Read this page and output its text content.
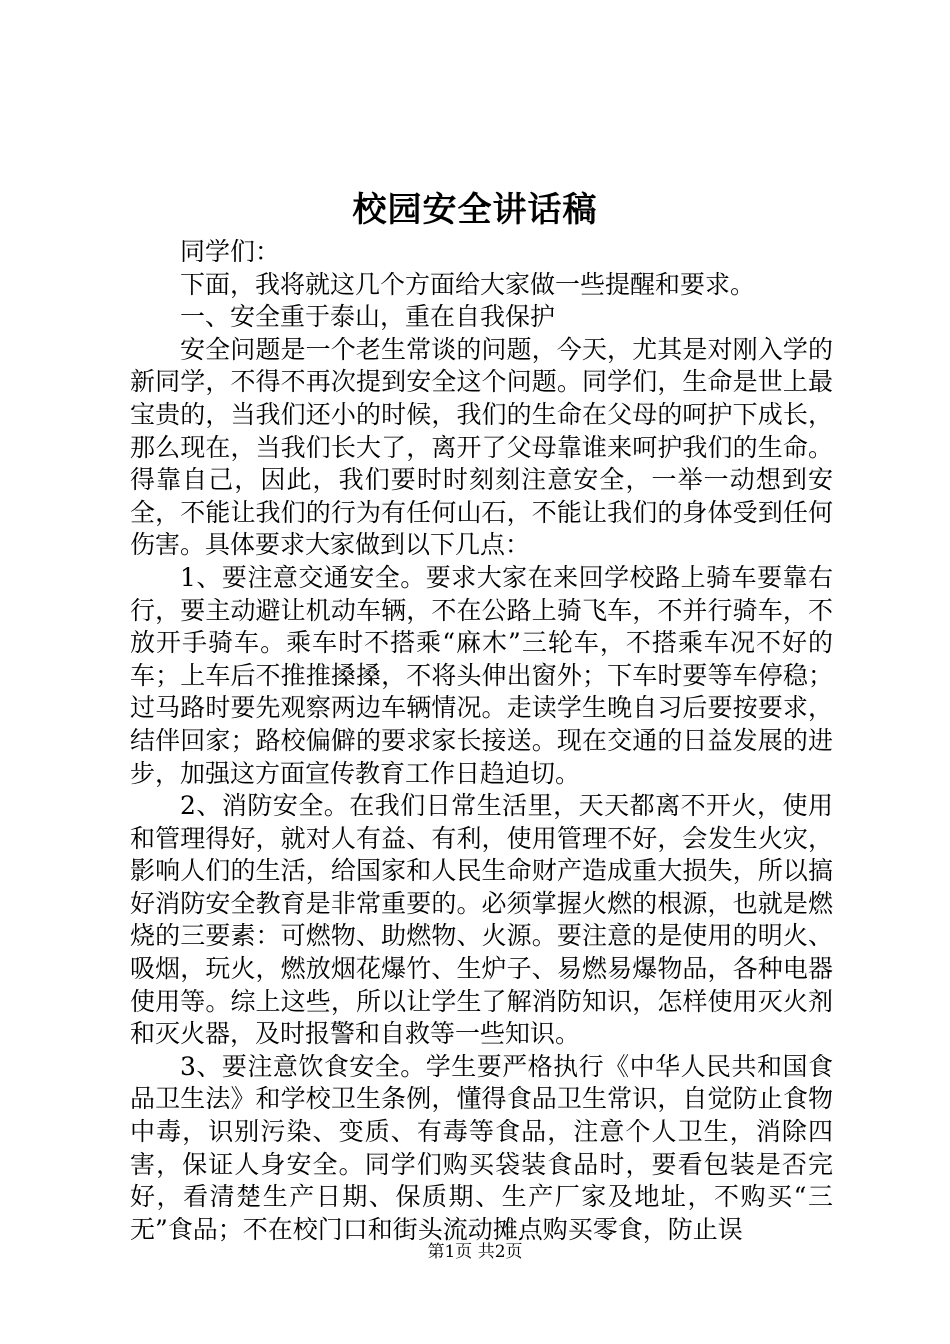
校园安全讲话稿

同学们：

下面，我将就这几个方面给大家做一些提醒和要求。

一、安全重于泰山，重在自我保护

安全问题是一个老生常谈的问题，今天，尤其是对刚入学的新同学，不得不再次提到安全这个问题。同学们，生命是世上最宝贵的，当我们还小的时候，我们的生命在父母的呵护下成长，那么现在，当我们长大了，离开了父母靠谁来呵护我们的生命。得靠自己，因此，我们要时时刻刻注意安全，一举一动想到安全，不能让我们的行为有任何山石，不能让我们的身体受到任何伤害。具体要求大家做到以下几点：

1、要注意交通安全。要求大家在来回学校路上骑车要靠右行，要主动避让机动车辆，不在公路上骑飞车，不并行骑车，不放开手骑车。乘车时不搭乘“麻木”三轮车，不搭乘车况不好的车；上车后不推推搡搡，不将头伸出窗外；下车时要等车停稳；过马路时要先观察两边车辆情况。走读学生晚自习后要按要求，结伴回家；路校偏僻的要求家长接送。现在交通的日益发展的进步，加强这方面宣传教育工作日趋迫切。

2、消防安全。在我们日常生活里，天天都离不开火，使用和管理得好，就对人有益、有利，使用管理不好，会发生火灾，影响人们的生活，给国家和人民生命财产造成重大损失，所以搞好消防安全教育是非常重要的。必须掌握火燃的根源，也就是燃烧的三要素：可燃物、助燃物、火源。要注意的是使用的明火、吸烟，玩火，燃放烟花爆竹、生炉子、易燃易爆物品，各种电器使用等。综上这些，所以让学生了解消防知识，怎样使用灭火剂和灭火器，及时报警和自救等一些知识。

3、要注意饮食安全。学生要严格执行《中华人民共和国食品卫生法》和学校卫生条例，懂得食品卫生常识，自觉防止食物中毒，识别污染、变质、有毒等食品，注意个人卫生，消除四害，保证人身安全。同学们购买袋装食品时，要看包装是否完好，看清楚生产日期、保质期、生产厂家及地址，不购买“三无”食品；不在校门口和街头流动摊点购买零食，防止误

第1页 共2页
